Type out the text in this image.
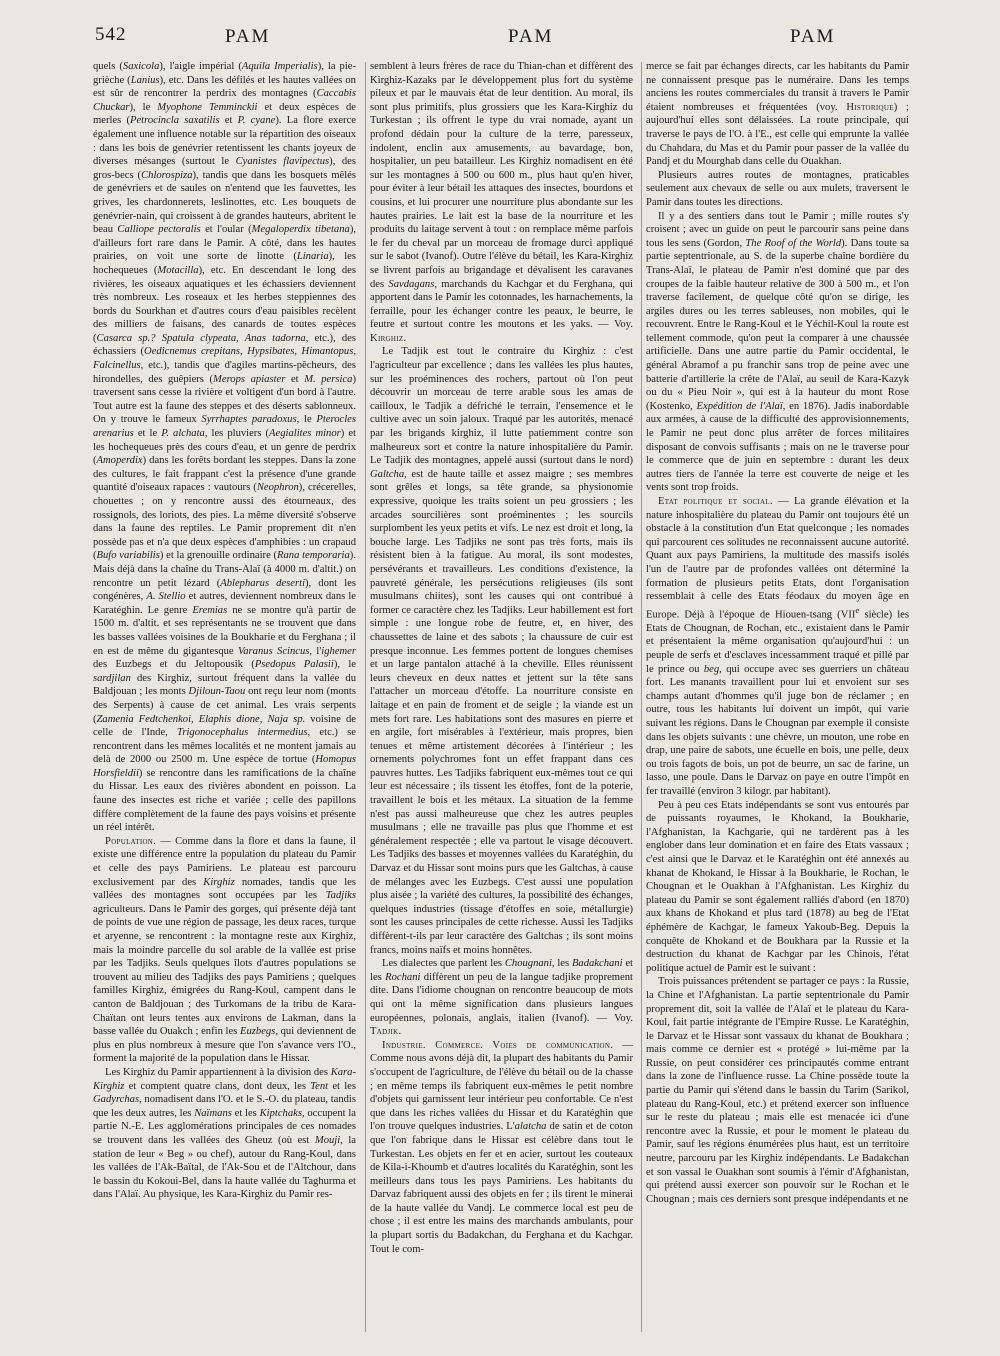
542	PAM	PAM	PAM

quels (Saxicola), l'aigle impérial (Aquila Imperialis), la pie-grièche (Lanius), etc. Dans les défilés et les hautes vallées on est sûr de rencontrer la perdrix des montagnes (Caccabis Chuckar), le Myophone Temminckii et deux espèces de merles (Petrocincla saxatilis et P. cyane). La flore exerce également une influence notable sur la répartition des oiseaux : dans les bois de genévrier retentissent les chants joyeux de diverses mésanges (surtout le Cyanistes flavipectus), des gros-becs (Chlorospiza), tandis que dans les bosquets mêlés de genévriers et de saules on n'entend que les fauvettes, les grives, les chardonnerets, leslinottes, etc. Les bouquets de genévrier-nain, qui croissent à de grandes hauteurs, abritent le beau Calliope pectoralis et l'oular (Megaloperdix tibetana), d'ailleurs fort rare dans le Pamir. A côté, dans les hautes prairies, on voit une sorte de linotte (Linaria), les hochequeues (Motacilla), etc. En descendant le long des rivières, les oiseaux aquatiques et les échassiers deviennent très nombreux. Les roseaux et les herbes steppiennes des bords du Sourkhan et d'autres cours d'eau paisibles recèlent des milliers de faisans, des canards de toutes espèces (Casarca sp.? Spatula clypeata, Anas tadorna, etc.), des échassiers (Oedicnemus crepitans, Hypsibates, Himantopus, Falcinellus, etc.), tandis que d'agiles martins-pêcheurs, des hirondelles, des guêpiers (Merops apiaster et M. persica) traversent sans cesse la rivière et voltigent d'un bord à l'autre. Tout autre est la faune des steppes et des déserts sablonneux. On y trouve le fameux Syrrhaptes paradoxus, le Pterocles arenarius et le P. alchata, les pluviers (Aegialites minor) et les hochequeues près des cours d'eau, et un genre de perdrix (Amoperdix) dans les forêts bordant les steppes. Dans la zone des cultures, le fait frappant c'est la présence d'une grande quantité d'oiseaux rapaces : vautours (Neophron), crécerelles, chouettes ; on y rencontre aussi des étourneaux, des rossignols, des loriots, des pies. La même diversité s'observe dans la faune des reptiles. Le Pamir proprement dit n'en possède pas et n'a que deux espèces d'amphibies : un crapaud (Bufo variabilis) et la grenouille ordinaire (Rana temporaria). Mais déjà dans la chaîne du Trans-Alaï (à 4000 m. d'altit.) on rencontre un petit lézard (Ablepharus deserti), dont les congénères, A. Stellio et autres, deviennent nombreux dans le Karatéghin. Le genre Eremias ne se montre qu'à partir de 1500 m. d'altit. et ses représentants ne se trouvent que dans les basses vallées voisines de la Boukharie et du Ferghana ; il en est de même du gigantesque Varanus Scincus, l'ighemer des Euzbegs et du Jeltopousik (Psedopus Palasii), le sardjilan des Kirghiz, surtout fréquent dans la vallée du Baldjouan ; les monts Djiloun-Taou ont reçu leur nom (monts des Serpents) à cause de cet animal. Les vrais serpents (Zamenia Fedtchenkoi, Elaphis dione, Naja sp. voisine de celle de l'Inde, Trigonocephalus intermedius, etc.) se rencontrent dans les mêmes localités et ne montent jamais au delà de 2000 ou 2500 m. Une espèce de tortue (Homopus Horsfieldii) se rencontre dans les ramifications de la chaîne du Hissar. Les eaux des rivières abondent en poisson. La faune des insectes est riche et variée ; celle des papillons diffère complètement de la faune des pays voisins et présente un réel intérêt.

Population. — Comme dans la flore et dans la faune, il existe une différence entre la population du plateau du Pamir et celle des pays Pamiriens. Le plateau est parcouru exclusivement par des Kirghiz nomades, tandis que les vallées des montagnes sont occupées par les Tadjiks agriculteurs. Dans le Pamir des gorges, qui présente déjà tant de points de vue une région de passage, les deux races, turque et aryenne, se rencontrent : la montagne reste aux Kirghiz, mais la moindre parcelle du sol arable de la vallée est prise par les Tadjiks. Seuls quelques îlots d'autres populations se trouvent au milieu des Tadjiks des pays Pamiriens ; quelques familles Kirghiz, émigrées du Rang-Koul, campent dans le canton de Baldjouan ; des Turkomans de la tribu de Kara-Chaïtan ont leurs tentes aux environs de Lakman, dans la basse vallée du Ouakch ; enfin les Euzbegs, qui deviennent de plus en plus nombreux à mesure que l'on s'avance vers l'O., forment la majorité de la population dans le Hissar.

Les Kirghiz du Pamir appartiennent à la division des Kara-Kirghiz et comptent quatre clans, dont deux, les Tent et les Gadyrchas, nomadisent dans l'O. et le S.-O. du plateau, tandis que les deux autres, les Naïmans et les Kiptchaks, occupent la partie N.-E. Les agglomérations principales de ces nomades se trouvent dans les vallées des Gheuz (où est Mouji, la station de leur « Beg » ou chef), autour du Rang-Koul, dans les vallées de l'Ak-Baïtal, de l'Ak-Sou et de l'Altchour, dans le bassin du Kokoui-Bel, dans la haute vallée du Taghurma et dans l'Alaï. Au physique, les Kara-Kirghiz du Pamir res-

semblent à leurs frères de race du Thian-chan et diffèrent des Kirghiz-Kazaks par le développement plus fort du système pileux et par le mauvais état de leur dentition. Au moral, ils sont plus primitifs, plus grossiers que les Kara-Kirghiz du Turkestan ; ils offrent le type du vrai nomade, ayant un profond dédain pour la culture de la terre, paresseux, indolent, enclin aux amusements, au bavardage, bon, hospitalier, un peu batailleur. Les Kirghiz nomadisent en été sur les montagnes à 500 ou 600 m., plus haut qu'en hiver, pour éviter à leur bétail les attaques des insectes, bourdons et cousins, et lui procurer une nourriture plus abondante sur les hautes prairies. Le lait est la base de la nourriture et les produits du laitage servent à tout : on remplace même parfois le fer du cheval par un morceau de fromage durci appliqué sur le sabot (Ivanof). Outre l'élève du bétail, les Kara-Kirghiz se livrent parfois au brigandage et dévalisent les caravanes des Savdagans, marchands du Kachgar et du Ferghana, qui apportent dans le Pamir les cotonnades, les harnachements, la ferraille, pour les échanger contre les peaux, le beurre, le feutre et surtout contre les moutons et les yaks. — Voy. Kirghiz.

Le Tadjik est tout le contraire du Kirghiz : c'est l'agriculteur par excellence ; dans les vallées les plus hautes, sur les proéminences des rochers, partout où l'on peut découvrir un morceau de terre arable sous les amas de cailloux, le Tadjik a défriché le terrain, l'ensemence et le cultive avec un soin jaloux. Traqué par les autorités, menacé par les brigands kirghiz, il lutte patiemment contre son malheureux sort et contre la nature inhospitalière du Pamir. Le Tadjik des montagnes, appelé aussi (surtout dans le nord) Galtcha, est de haute taille et assez maigre ; ses membres sont grêles et longs, sa tête grande, sa physionomie expressive, quoique les traits soient un peu grossiers ; les arcades sourcilières sont proéminentes ; les sourcils surplombent les yeux petits et vifs. Le nez est droit et long, la bouche large. Les Tadjiks ne sont pas très forts, mais ils résistent bien à la fatigue. Au moral, ils sont modestes, persévérants et travailleurs. Les conditions d'existence, la pauvreté générale, les persécutions religieuses (ils sont musulmans chiites), sont les causes qui ont contribué à former ce caractère chez les Tadjiks. Leur habillement est fort simple : une longue robe de feutre, et, en hiver, des chaussettes de laine et des sabots ; la chaussure de cuir est presque inconnue. Les femmes portent de longues chemises et un large pantalon attaché à la cheville. Elles réunissent leurs cheveux en deux nattes et jettent sur la tête sans l'attacher un morceau d'étoffe. La nourriture consiste en laitage et en pain de froment et de seigle ; la viande est un mets fort rare. Les habitations sont des masures en pierre et en argile, fort misérables à l'extérieur, mais propres, bien tenues et même artistement décorées à l'intérieur ; les ornements polychromes font un effet frappant dans ces pauvres huttes. Les Tadjiks fabriquent eux-mêmes tout ce qui leur est nécessaire ; ils tissent les étoffes, font de la poterie, travaillent le bois et les métaux. La situation de la femme n'est pas aussi malheureuse que chez les autres peuples musulmans ; elle ne travaille pas plus que l'homme et est généralement respectée ; elle va partout le visage découvert. Les Tadjiks des basses et moyennes vallées du Karatéghin, du Darvaz et du Hissar sont moins purs que les Galtchas, à cause de mélanges avec les Euzbegs. C'est aussi une population plus aisée ; la variété des cultures, la possibilité des échanges, quelques industries (tissage d'étoffes en soie, métallurgie) sont les causes principales de cette richesse. Aussi les Tadjiks diffèrent-t-ils par leur caractère des Galtchas ; ils sont moins francs, moins naïfs et moins honnêtes.

Les dialectes que parlent les Chougnani, les Badakchani et les Rochani diffèrent un peu de la langue tadjike proprement dite. Dans l'idiome chougnan on rencontre beaucoup de mots qui ont la même signification dans plusieurs langues européennes, polonais, anglais, italien (Ivanof). — Voy. Tadjik.

Industrie. Commerce. Voies de communication. — Comme nous avons déjà dit, la plupart des habitants du Pamir s'occupent de l'agriculture, de l'élève du bétail ou de la chasse ; en même temps ils fabriquent eux-mêmes le petit nombre d'objets qui garnissent leur intérieur peu confortable. Ce n'est que dans les riches vallées du Hissar et du Karatéghin que l'on trouve quelques industries. L'alatcha de satin et de coton que l'on fabrique dans le Hissar est célèbre dans tout le Turkestan. Les objets en fer et en acier, surtout les couteaux de Kila-i-Khoumb et d'autres localités du Karatéghin, sont les meilleurs dans tous les pays Pamiriens. Les habitants du Darvaz fabriquent aussi des objets en fer ; ils tirent le minerai de la haute vallée du Vandj. Le commerce local est peu de chose ; il est entre les mains des marchands ambulants, pour la plupart sortis du Badakchan, du Ferghana et du Kachgar. Tout le com-

merce se fait par échanges directs, car les habitants du Pamir ne connaissent presque pas le numéraire. Dans les temps anciens les routes commerciales du transit à travers le Pamir étaient nombreuses et fréquentées (voy. Historique) ; aujourd'hui elles sont délaissées. La route principale, qui traverse le pays de l'O. à l'E., est celle qui emprunte la vallée du Chahdara, du Mas et du Pamir pour passer de la vallée du Pandj et du Mourghab dans celle du Ouakhan.

Plusieurs autres routes de montagnes, praticables seulement aux chevaux de selle ou aux mulets, traversent le Pamir dans toutes les directions.

Il y a des sentiers dans tout le Pamir ; mille routes s'y croisent ; avec un guide on peut le parcourir sans peine dans tous les sens (Gordon, The Roof of the World). Dans toute sa partie septentrionale, au S. de la superbe chaîne bordière du Trans-Alaï, le plateau de Pamir n'est dominé que par des croupes de la faible hauteur relative de 300 à 500 m., et l'on traverse facilement, de quelque côté qu'on se dirige, les argiles dures ou les terres sableuses, non mobiles, qui le recouvrent. Entre le Rang-Koul et le Yéchil-Koul la route est tellement commode, qu'on peut la comparer à une chaussée artificielle. Dans une autre partie du Pamir occidental, le général Abramof a pu franchir sans trop de peine avec une batterie d'artillerie la crête de l'Alaï, au seuil de Kara-Kazyk ou du « Pieu Noir », qui est à la hauteur du mont Rose (Kostenko, Expédition de l'Alaï, en 1876). Jadis inabordable aux armées, à cause de la difficulté des approvisionnements, le Pamir ne peut donc plus arrêter de forces militaires disposant de convois suffisants ; mais on ne le traverse pour le commerce que de juin en septembre : durant les deux autres tiers de l'année la terre est couverte de neige et les vents sont trop froids.

Etat politique et social. — La grande élévation et la nature inhospitalière du plateau du Pamir ont toujours été un obstacle à la constitution d'un Etat quelconque ; les nomades qui parcourent ces solitudes ne reconnaissent aucune autorité. Quant aux pays Pamiriens, la multitude des massifs isolés l'un de l'autre par de profondes vallées ont déterminé la formation de plusieurs petits Etats, dont l'organisation ressemblait à celle des Etats féodaux du moyen âge en Europe. Déjà à l'époque de Hiouen-tsang (VIIe siècle) les Etats de Chougnan, de Rochan, etc., existaient dans le Pamir et présentaient la même organisation qu'aujourd'hui : un peuple de serfs et d'esclaves incessamment traqué et pillé par le prince ou beg, qui occupe avec ses guerriers un château fort. Les manants travaillent pour lui et envoient sur ses champs autant d'hommes qu'il juge bon de réclamer ; en outre, tous les habitants lui doivent un impôt, qui varie suivant les régions. Dans le Chougnan par exemple il consiste dans les objets suivants : une chèvre, un mouton, une robe en drap, une paire de sabots, une écuelle en bois, une pelle, deux ou trois fagots de bois, un pot de beurre, un sac de farine, un lasso, une poule. Dans le Darvaz on paye en outre l'impôt en fer travaillé (environ 3 kilogr. par habitant).

Peu à peu ces Etats indépendants se sont vus entourés par de puissants royaumes, le Khokand, la Boukharie, l'Afghanistan, la Kachgarie, qui ne tardèrent pas à les englober dans leur domination et en faire des Etats vassaux ; c'est ainsi que le Darvaz et le Karatéghin ont été annexés au khanat de Khokand, le Hissar à la Boukharie, le Rochan, le Chougnan et le Ouakhan à l'Afghanistan. Les Kirghiz du plateau du Pamir se sont également ralliés d'abord (en 1870) aux khans de Khokand et plus tard (1878) au beg de l'Etat éphémère de Kachgar, le fameux Yakoub-Beg. Depuis la conquête de Khokand et de Boukhara par la Russie et la destruction du khanat de Kachgar par les Chinois, l'état politique actuel de Pamir est le suivant :

Trois puissances prétendent se partager ce pays : la Russie, la Chine et l'Afghanistan. La partie septentrionale du Pamir proprement dit, soit la vallée de l'Alaï et le plateau du Kara-Koul, fait partie intégrante de l'Empire Russe. Le Karatéghin, le Darvaz et le Hissar sont vassaux du khanat de Boukhara ; mais comme ce dernier est « protégé » lui-même par la Russie, on peut considérer ces principautés comme entrant dans la zone de l'influence russe. La Chine possède toute la partie du Pamir qui s'étend dans le bassin du Tarim (Sarikol, plateau du Rang-Koul, etc.) et prétend exercer son influence sur le reste du plateau ; mais elle est menacée ici d'une rencontre avec la Russie, et pour le moment le plateau du Pamir, sauf les régions énumérées plus haut, est un territoire neutre, parcouru par les Kirghiz indépendants. Le Badakchan et son vassal le Ouakhan sont soumis à l'émir d'Afghanistan, qui prétend aussi exercer son pouvoir sur le Rochan et le Chougnan ; mais ces derniers sont presque indépendants et ne
